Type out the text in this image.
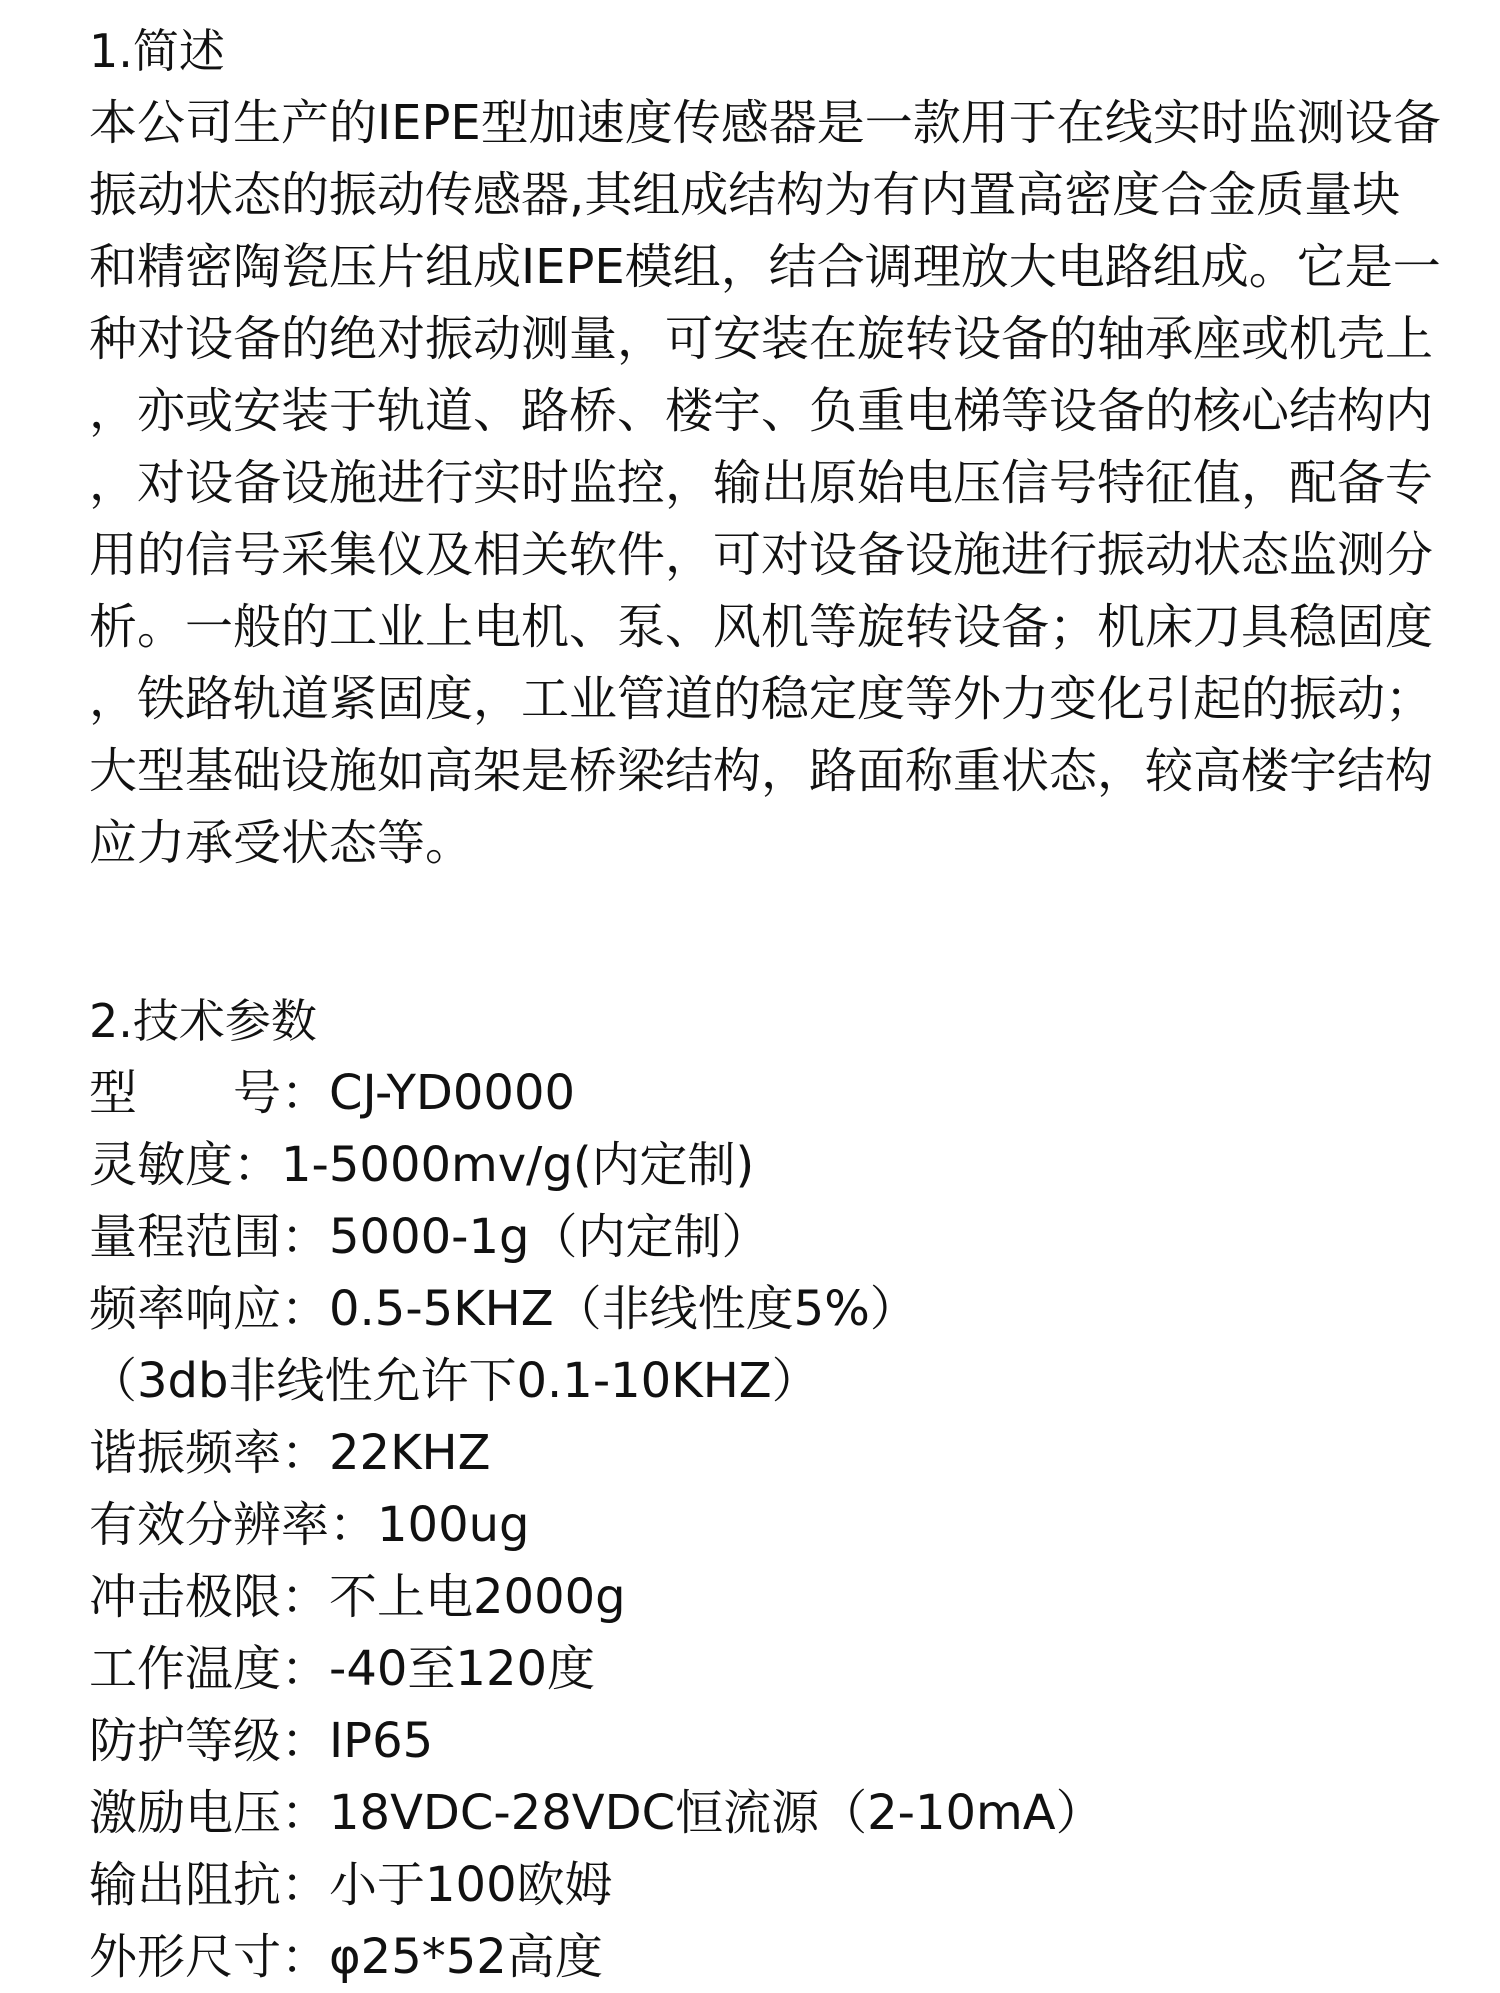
1.简述
本公司生产的IEPE型加速度传感器是一款用于在线实时监测设备
振动状态的振动传感器,其组成结构为有内置高密度合金质量块
和精密陶瓷压片组成IEPE模组，结合调理放大电路组成。它是一
种对设备的绝对振动测量，可安装在旋转设备的轴承座或机壳上
，亦或安装于轨道、路桥、楼宇、负重电梯等设备的核心结构内
，对设备设施进行实时监控，输出原始电压信号特征值，配备专
用的信号采集仪及相关软件，可对设备设施进行振动状态监测分
析。一般的工业上电机、泵、风机等旋转设备；机床刀具稳固度
，铁路轨道紧固度，工业管道的稳定度等外力变化引起的振动；
大型基础设施如高架是桥梁结构，路面称重状态，较高楼宇结构
应力承受状态等。
2.技术参数
型　　号：CJ-YD0000
灵敏度：1-5000mv/g(内定制)
量程范围：5000-1g（内定制）
频率响应：0.5-5KHZ（非线性度5%）
（3db非线性允许下0.1-10KHZ）
谐振频率：22KHZ
有效分辨率：100ug
冲击极限：不上电2000g
工作温度：-40至120度
防护等级：IP65
激励电压：18VDC-28VDC恒流源（2-10mA）
输出阻抗：小于100欧姆
外形尺寸：φ25*52高度
